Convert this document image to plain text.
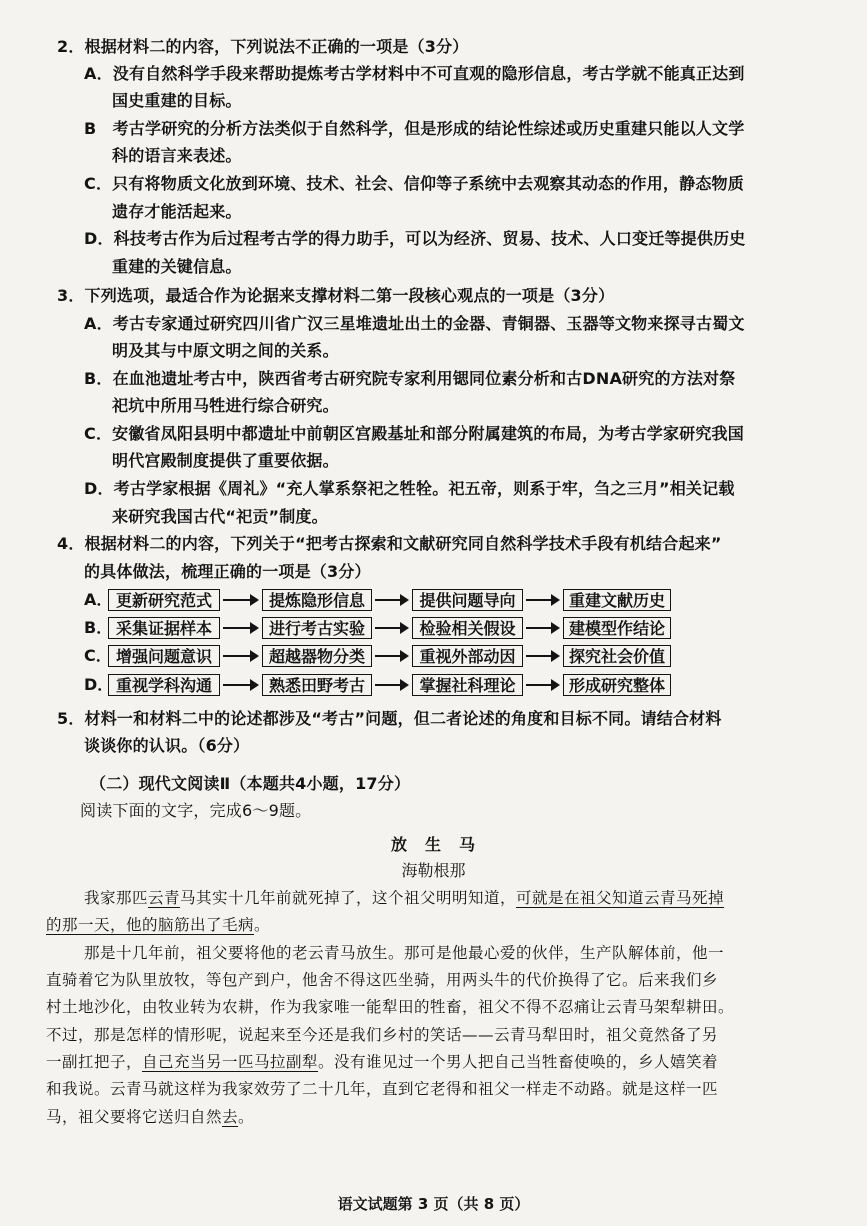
2．根据材料二的内容，下列说法不正确的一项是（3分）
A．没有自然科学手段来帮助提炼考古学材料中不可直观的隐形信息，考古学就不能真正达到
国史重建的目标。
B　考古学研究的分析方法类似于自然科学，但是形成的结论性综述或历史重建只能以人文学
科的语言来表述。
C．只有将物质文化放到环境、技术、社会、信仰等子系统中去观察其动态的作用，静态物质
遗存才能活起来。
D．科技考古作为后过程考古学的得力助手，可以为经济、贸易、技术、人口变迁等提供历史
重建的关键信息。
3．下列选项，最适合作为论据来支撑材料二第一段核心观点的一项是（3分）
A．考古专家通过研究四川省广汉三星堆遗址出土的金器、青铜器、玉器等文物来探寻古蜀文
明及其与中原文明之间的关系。
B．在血池遗址考古中，陕西省考古研究院专家利用锶同位素分析和古DNA研究的方法对祭
祀坑中所用马牲进行综合研究。
C．安徽省凤阳县明中都遗址中前朝区宫殿基址和部分附属建筑的布局，为考古学家研究我国
明代宫殿制度提供了重要依据。
D．考古学家根据《周礼》“充人掌系祭祀之牲牷。祀五帝，则系于牢，刍之三月”相关记载
来研究我国古代“祀贡”制度。
4．根据材料二的内容，下列关于“把考古探索和文献研究同自然科学技术手段有机结合起来”
的具体做法，梳理正确的一项是（3分）
A． 更新研究范式	提炼隐形信息	提供问题导向	重建文献历史
B． 采集证据样本	进行考古实验	检验相关假设	建模型作结论
C． 增强问题意识	超越器物分类	重视外部动因	探究社会价值
D． 重视学科沟通	熟悉田野考古	掌握社科理论	形成研究整体
5．材料一和材料二中的论述都涉及“考古”问题，但二者论述的角度和目标不同。请结合材料
谈谈你的认识。（6分）
（二）现代文阅读Ⅱ（本题共4小题，17分）
阅读下面的文字，完成6～9题。
放　生　马
海勒根那
我家那匹云青马其实十几年前就死掉了，这个祖父明明知道，可就是在祖父知道云青马死掉
的那一天，他的脑筋出了毛病。
那是十几年前，祖父要将他的老云青马放生。那可是他最心爱的伙伴，生产队解体前，他一
直骑着它为队里放牧，等包产到户，他舍不得这匹坐骑，用两头牛的代价换得了它。后来我们乡
村土地沙化，由牧业转为农耕，作为我家唯一能犁田的牲畜，祖父不得不忍痛让云青马架犁耕田。
不过，那是怎样的情形呢，说起来至今还是我们乡村的笑话——云青马犁田时，祖父竟然备了另
一副扛把子，自己充当另一匹马拉副犁。没有谁见过一个男人把自己当牲畜使唤的，乡人嬉笑着
和我说。云青马就这样为我家效劳了二十几年，直到它老得和祖父一样走不动路。就是这样一匹
马，祖父要将它送归自然去。
语文试题第 3 页（共 8 页）
